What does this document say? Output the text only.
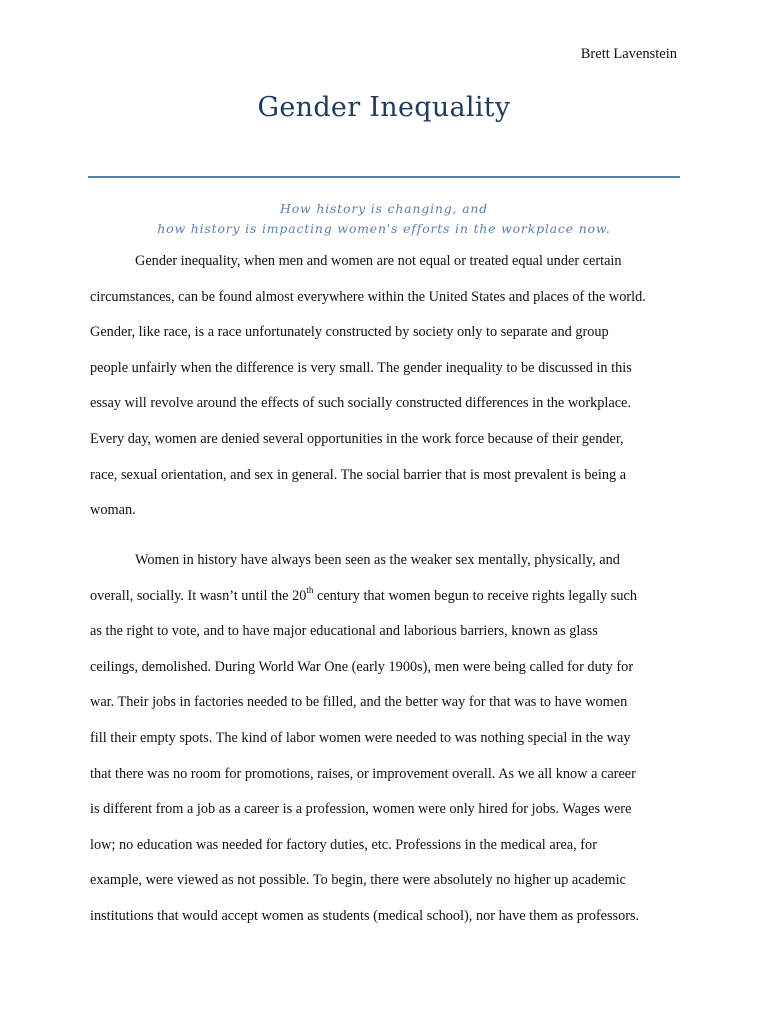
Brett Lavenstein
Gender Inequality
How history is changing, and
how history is impacting women's efforts in the workplace now.
Gender inequality, when men and women are not equal or treated equal under certain
circumstances, can be found almost everywhere within the United States and places of the world.
Gender, like race, is a race unfortunately constructed by society only to separate and group
people unfairly when the difference is very small. The gender inequality to be discussed in this
essay will revolve around the effects of such socially constructed differences in the workplace.
Every day, women are denied several opportunities in the work force because of their gender,
race, sexual orientation, and sex in general. The social barrier that is most prevalent is being a
woman.
Women in history have always been seen as the weaker sex mentally, physically, and
overall, socially. It wasn’t until the 20th century that women begun to receive rights legally such
as the right to vote, and to have major educational and laborious barriers, known as glass
ceilings, demolished. During World War One (early 1900s), men were being called for duty for
war. Their jobs in factories needed to be filled, and the better way for that was to have women
fill their empty spots. The kind of labor women were needed to was nothing special in the way
that there was no room for promotions, raises, or improvement overall. As we all know a career
is different from a job as a career is a profession, women were only hired for jobs. Wages were
low; no education was needed for factory duties, etc. Professions in the medical area, for
example, were viewed as not possible. To begin, there were absolutely no higher up academic
institutions that would accept women as students (medical school), nor have them as professors.
